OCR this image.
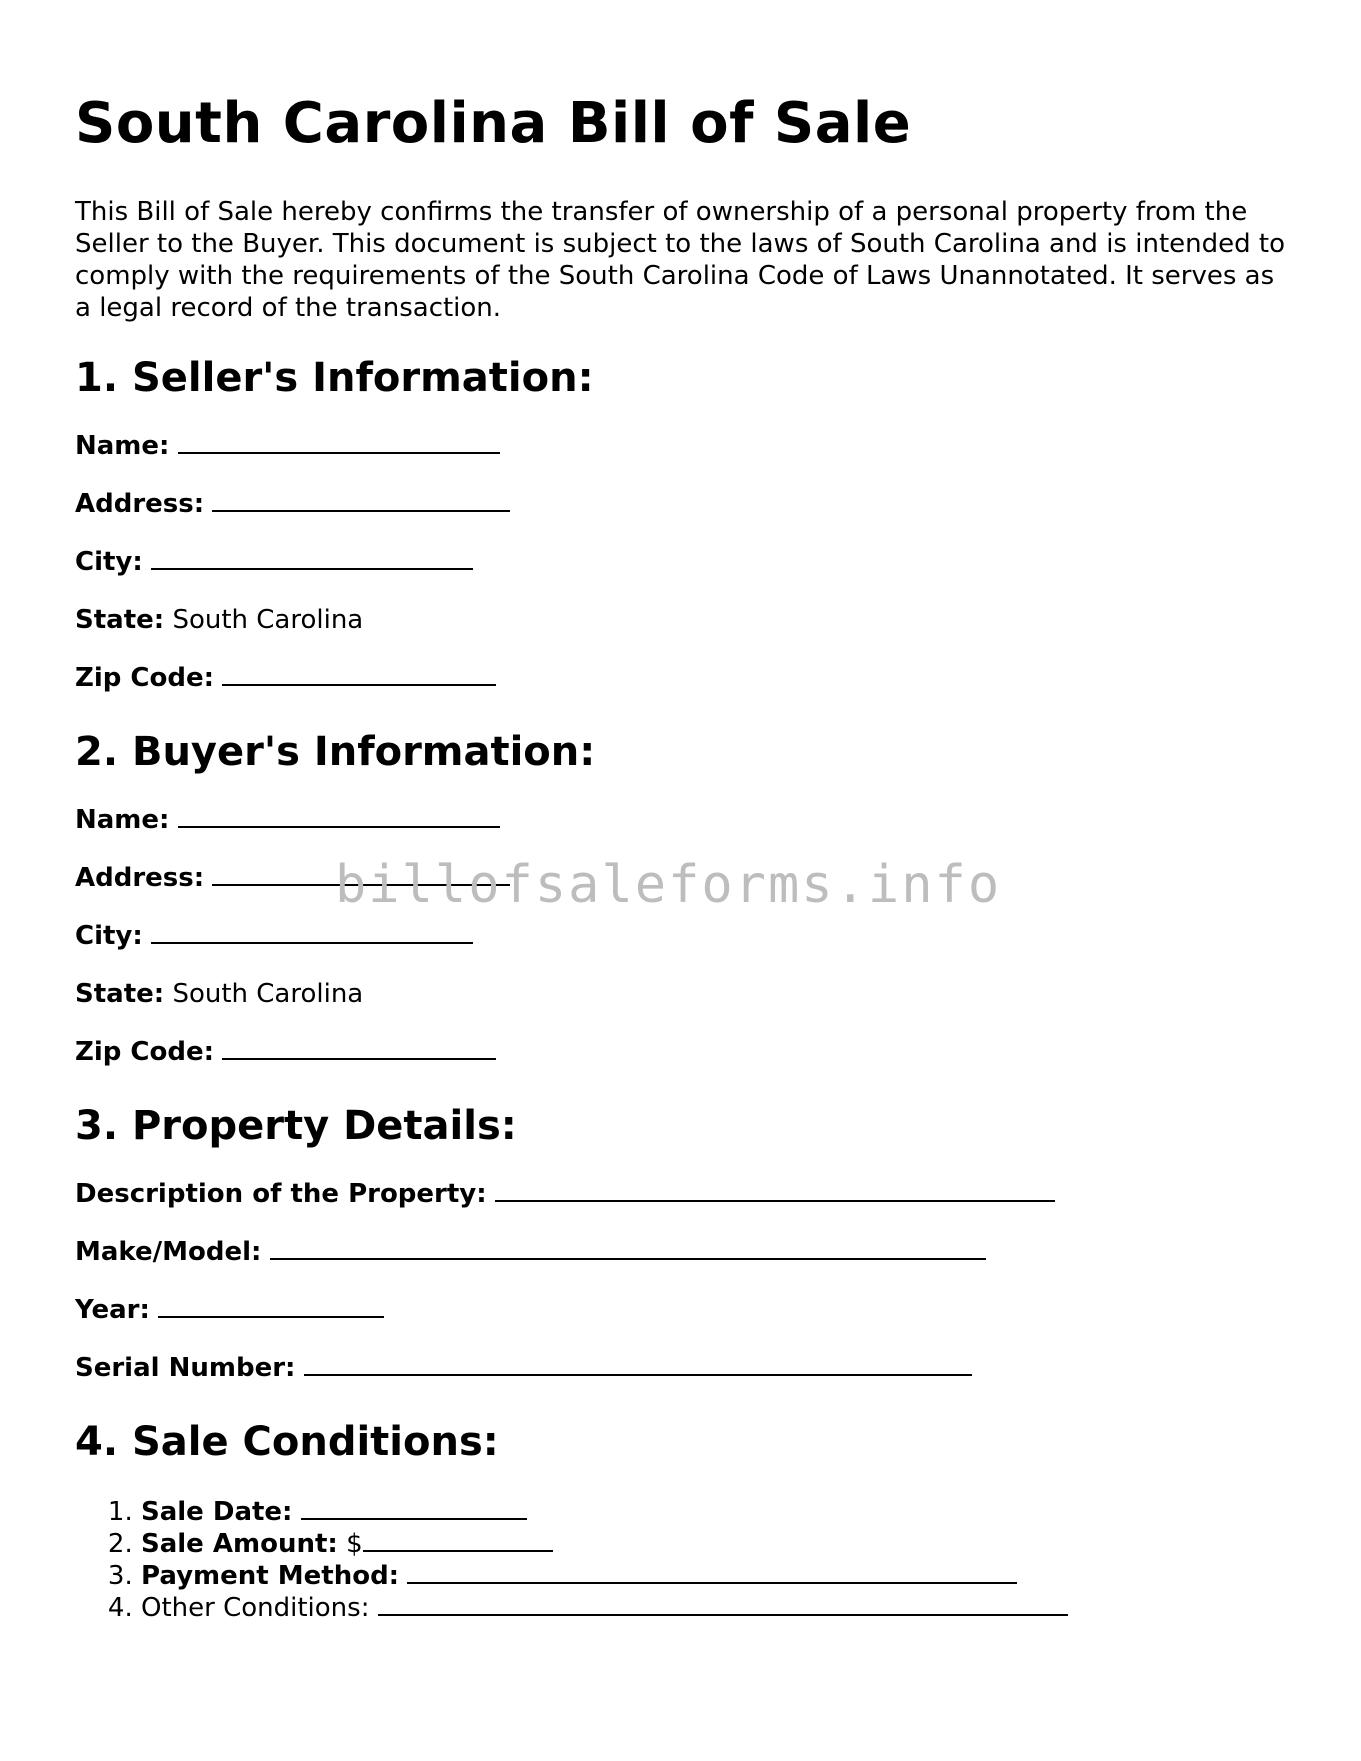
South Carolina Bill of Sale

This Bill of Sale hereby confirms the transfer of ownership of a personal property from the Seller to the Buyer. This document is subject to the laws of South Carolina and is intended to comply with the requirements of the South Carolina Code of Laws Unannotated. It serves as a legal record of the transaction.

1. Seller's Information:
Name:
Address:
City:
State: South Carolina
Zip Code:
2. Buyer's Information:
Name:
Address:
City:
State: South Carolina
Zip Code:
3. Property Details:
Description of the Property:
Make/Model:
Year:
Serial Number:
4. Sale Conditions:
1. Sale Date:
2. Sale Amount: $
3. Payment Method:
4. Other Conditions:
billofsaleforms.info
